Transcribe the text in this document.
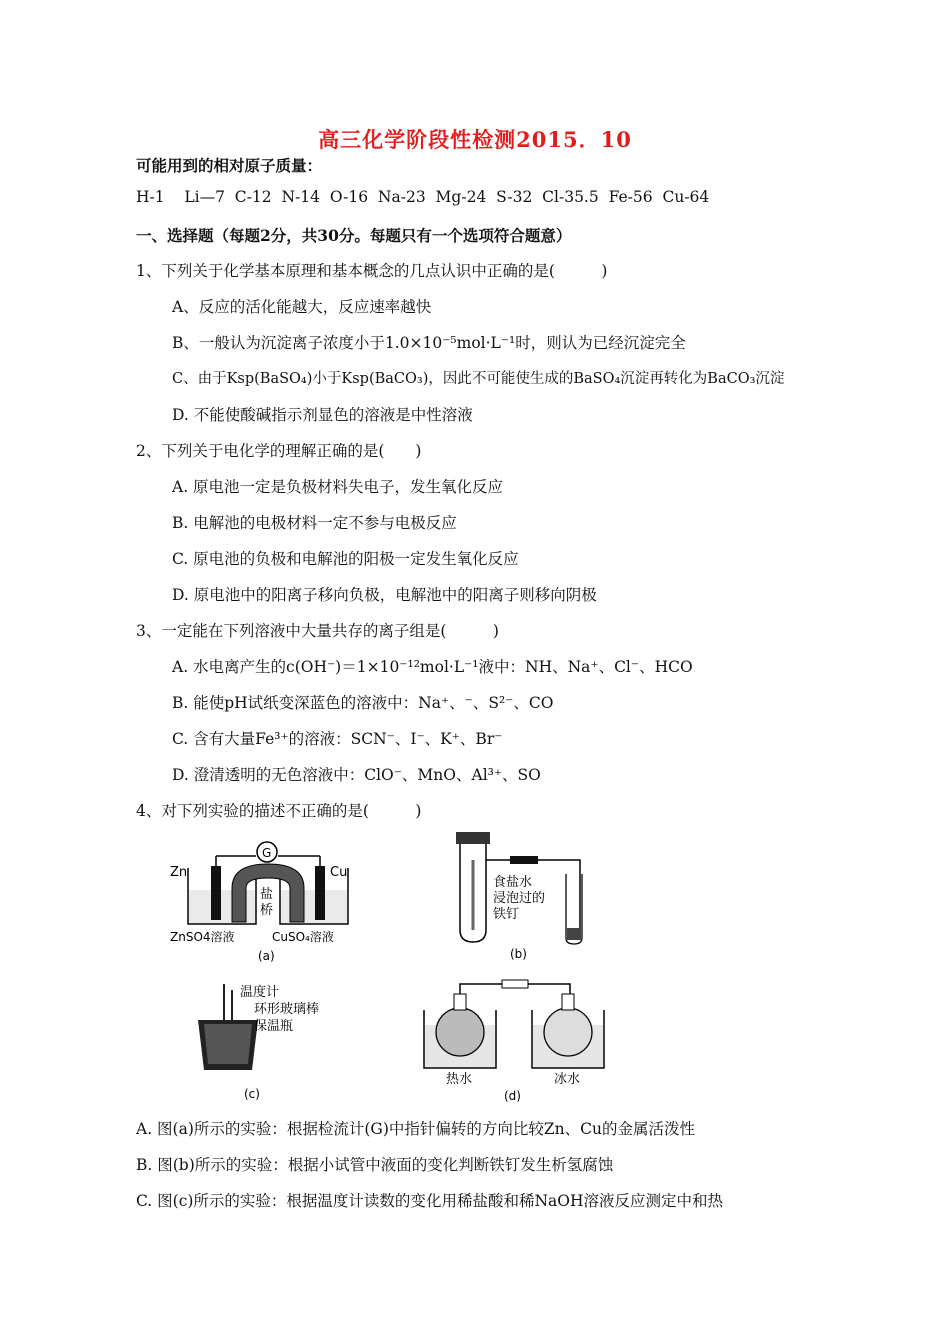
高三化学阶段性检测2015．10
可能用到的相对原子质量：
H-1    Li—7  C-12  N-14  O-16  Na-23  Mg-24  S-32  Cl-35.5  Fe-56  Cu-64
一、选择题（每题2分，共30分。每题只有一个选项符合题意）
1、下列关于化学基本原理和基本概念的几点认识中正确的是(　　　)
A、反应的活化能越大，反应速率越快
B、一般认为沉淀离子浓度小于1.0×10⁻⁵mol·L⁻¹时，则认为已经沉淀完全
C、由于Ksp(BaSO₄)小于Ksp(BaCO₃)，因此不可能使生成的BaSO₄沉淀再转化为BaCO₃沉淀
D. 不能使酸碱指示剂显色的溶液是中性溶液
2、下列关于电化学的理解正确的是(　　)
A. 原电池一定是负极材料失电子，发生氧化反应
B. 电解池的电极材料一定不参与电极反应
C. 原电池的负极和电解池的阳极一定发生氧化反应
D. 原电池中的阳离子移向负极，电解池中的阳离子则移向阴极
3、一定能在下列溶液中大量共存的离子组是(　　　)
A. 水电离产生的c(OH⁻)＝1×10⁻¹²mol·L⁻¹液中：NH、Na⁺、Cl⁻、HCO
B. 能使pH试纸变深蓝色的溶液中：Na⁺、⁻、S²⁻、CO
C. 含有大量Fe³⁺的溶液：SCN⁻、I⁻、K⁺、Br⁻
D. 澄清透明的无色溶液中：ClO⁻、MnO、Al³⁺、SO
4、对下列实验的描述不正确的是(　　　)
G
盐
桥
Zn	Cu
ZnSO4溶液	CuSO₄溶液
(a)
食盐水
浸泡过的
铁钉
(b)
温度计
环形玻璃棒
保温瓶
(c)
热水	冰水
(d)
A. 图(a)所示的实验：根据检流计(G)中指针偏转的方向比较Zn、Cu的金属活泼性
B. 图(b)所示的实验：根据小试管中液面的变化判断铁钉发生析氢腐蚀
C. 图(c)所示的实验：根据温度计读数的变化用稀盐酸和稀NaOH溶液反应测定中和热
